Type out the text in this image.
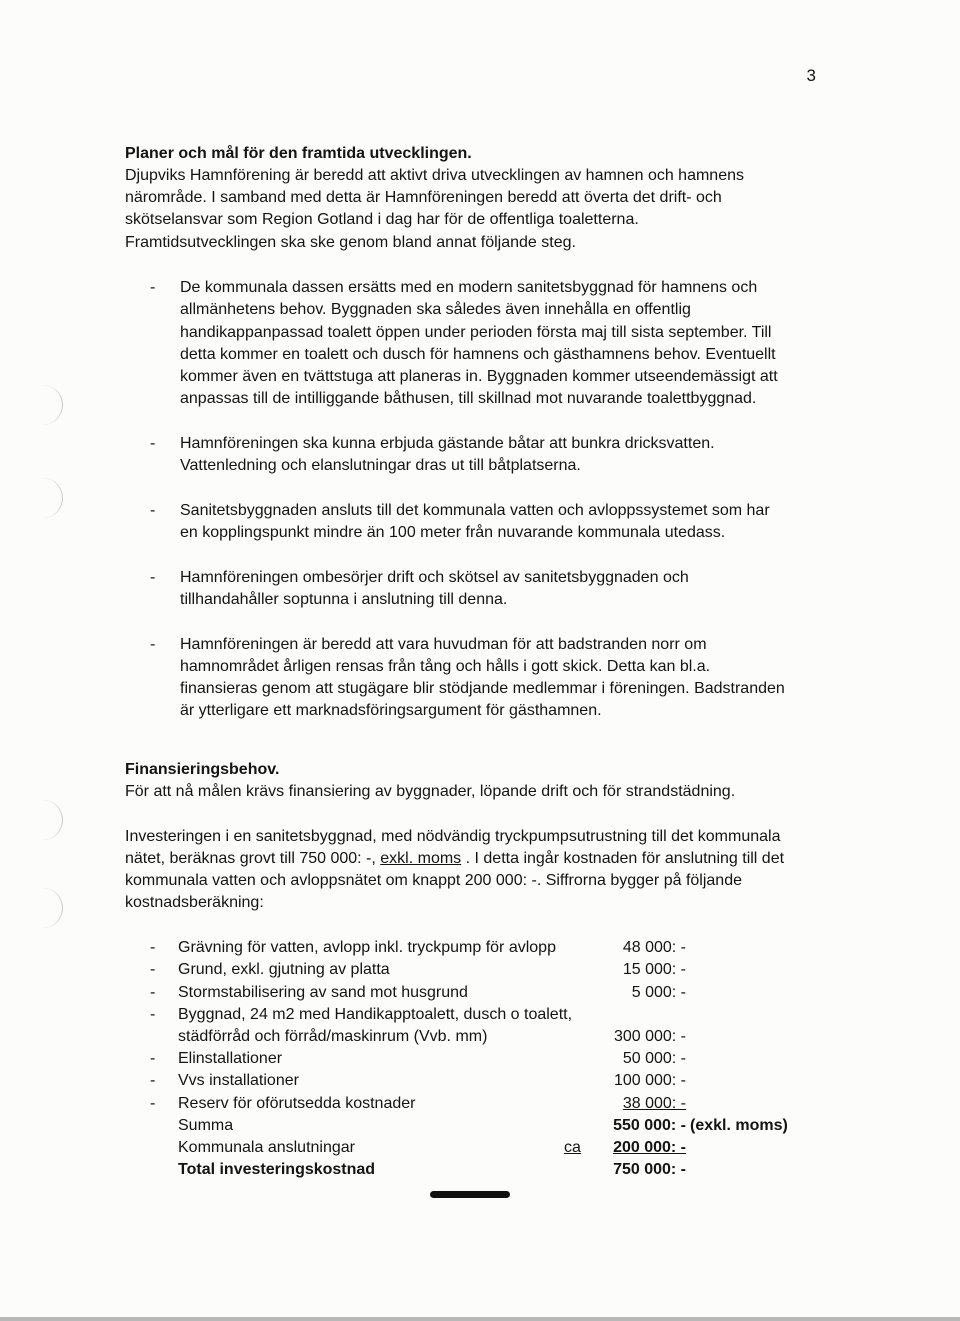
3
Planer och mål för den framtida utvecklingen.
Djupviks Hamnförening är beredd att aktivt driva utvecklingen av hamnen och hamnens
närområde. I samband med detta är Hamnföreningen beredd att överta det drift- och
skötselansvar som Region Gotland i dag har för de offentliga toaletterna.
Framtidsutvecklingen ska ske genom bland annat följande steg.
- De kommunala dassen ersätts med en modern sanitetsbyggnad för hamnens och
allmänhetens behov. Byggnaden ska således även innehålla en offentlig
handikappanpassad toalett öppen under perioden första maj till sista september. Till
detta kommer en toalett och dusch för hamnens och gästhamnens behov. Eventuellt
kommer även en tvättstuga att planeras in. Byggnaden kommer utseendemässigt att
anpassas till de intilliggande båthusen, till skillnad mot nuvarande toalettbyggnad.
- Hamnföreningen ska kunna erbjuda gästande båtar att bunkra dricksvatten.
Vattenledning och elanslutningar dras ut till båtplatserna.
- Sanitetsbyggnaden ansluts till det kommunala vatten och avloppssystemet som har
en kopplingspunkt mindre än 100 meter från nuvarande kommunala utedass.
- Hamnföreningen ombesörjer drift och skötsel av sanitetsbyggnaden och
tillhandahåller soptunna i anslutning till denna.
- Hamnföreningen är beredd att vara huvudman för att badstranden norr om
hamnområdet årligen rensas från tång och hålls i gott skick. Detta kan bl.a.
finansieras genom att stugägare blir stödjande medlemmar i föreningen. Badstranden
är ytterligare ett marknadsföringsargument för gästhamnen.
Finansieringsbehov.
För att nå målen krävs finansiering av byggnader, löpande drift och för strandstädning.
Investeringen i en sanitetsbyggnad, med nödvändig tryckpumpsutrustning till det kommunala
nätet, beräknas grovt till 750 000: -, exkl. moms . I detta ingår kostnaden för anslutning till det
kommunala vatten och avloppsnätet om knappt 200 000: -. Siffrorna bygger på följande
kostnadsberäkning:
- Grävning för vatten, avlopp inkl. tryckpump för avlopp	48 000: -
- Grund, exkl. gjutning av platta	15 000: -
- Stormstabilisering av sand mot husgrund	5 000: -
- Byggnad, 24 m2 med Handikapptoalett, dusch o toalett,
städförråd och förråd/maskinrum (Vvb. mm)	300 000: -
- Elinstallationer	50 000: -
- Vvs installationer	100 000: -
- Reserv för oförutsedda kostnader	38 000: -
Summa	550 000: - (exkl. moms)
Kommunala anslutningar	ca 200 000: -
Total investeringskostnad	750 000: -
